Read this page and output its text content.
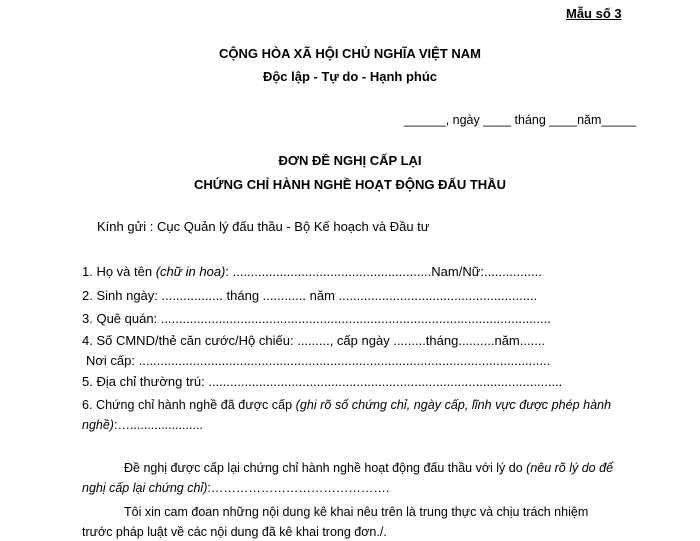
Mẫu số 3
CỘNG HÒA XÃ HỘI CHỦ NGHĨA VIỆT NAM
Độc lập - Tự do - Hạnh phúc
______, ngày ____ tháng ____năm_____
ĐƠN ĐỀ NGHỊ CẤP LẠI
CHỨNG CHỈ HÀNH NGHỀ HOẠT ĐỘNG ĐẤU THẦU
Kính gửi : Cục Quản lý đấu thầu - Bộ Kế hoạch và Đầu tư
1. Họ và tên (chữ in hoa): .......................................................Nam/Nữ:................
2. Sinh ngày: ................. tháng ............ năm .......................................................
3. Quê quán: ............................................................................................................
4. Số CMND/thẻ căn cước/Hộ chiếu: ........., cấp ngày .........tháng..........năm.......
Nơi cấp: ..................................................................................................................
5. Địa chỉ thường trú: ..................................................................................................
6. Chứng chỉ hành nghề đã được cấp (ghi rõ số chứng chỉ, ngày cấp, lĩnh vực được phép hành
nghề):….....................
Đề nghị được cấp lại chứng chỉ hành nghề hoạt động đấu thầu với lý do (nêu rõ lý do để
nghị cấp lại chứng chỉ):…………………………………….
Tôi xin cam đoan những nội dung kê khai nêu trên là trung thực và chịu trách nhiệm
trước pháp luật về các nội dung đã kê khai trong đơn./.
